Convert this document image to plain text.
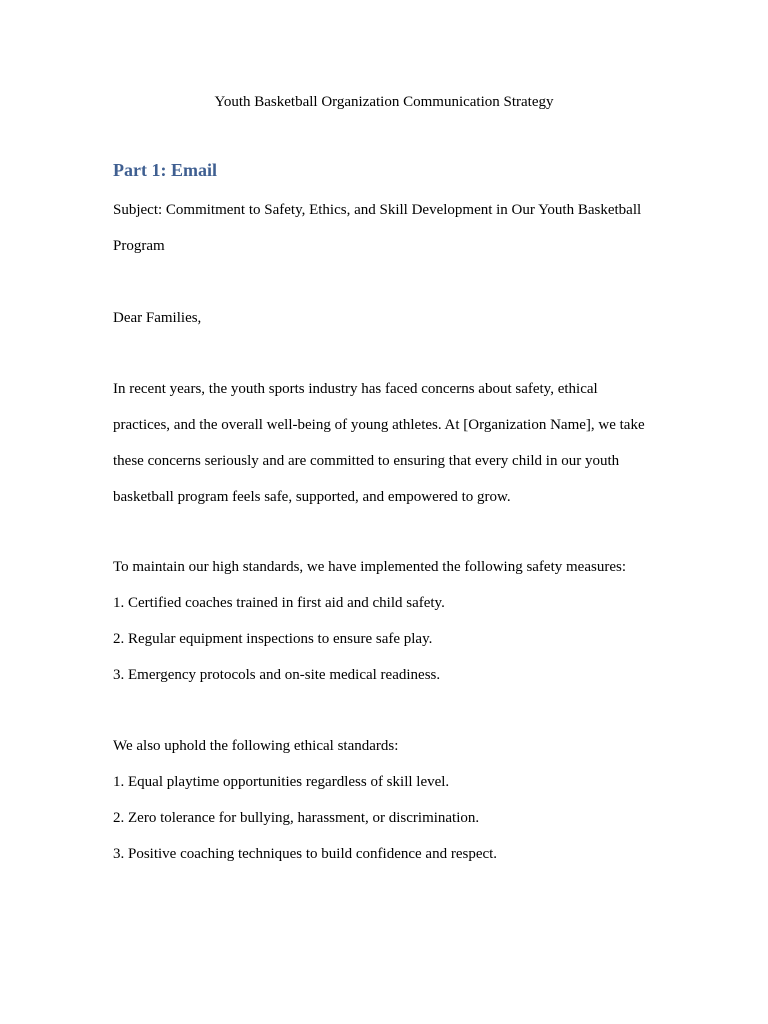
Youth Basketball Organization Communication Strategy
Part 1: Email

Subject: Commitment to Safety, Ethics, and Skill Development in Our Youth Basketball
Program

Dear Families,

In recent years, the youth sports industry has faced concerns about safety, ethical
practices, and the overall well-being of young athletes. At [Organization Name], we take
these concerns seriously and are committed to ensuring that every child in our youth
basketball program feels safe, supported, and empowered to grow.

To maintain our high standards, we have implemented the following safety measures:
1. Certified coaches trained in first aid and child safety.
2. Regular equipment inspections to ensure safe play.
3. Emergency protocols and on-site medical readiness.
We also uphold the following ethical standards:
1. Equal playtime opportunities regardless of skill level.
2. Zero tolerance for bullying, harassment, or discrimination.
3. Positive coaching techniques to build confidence and respect.
